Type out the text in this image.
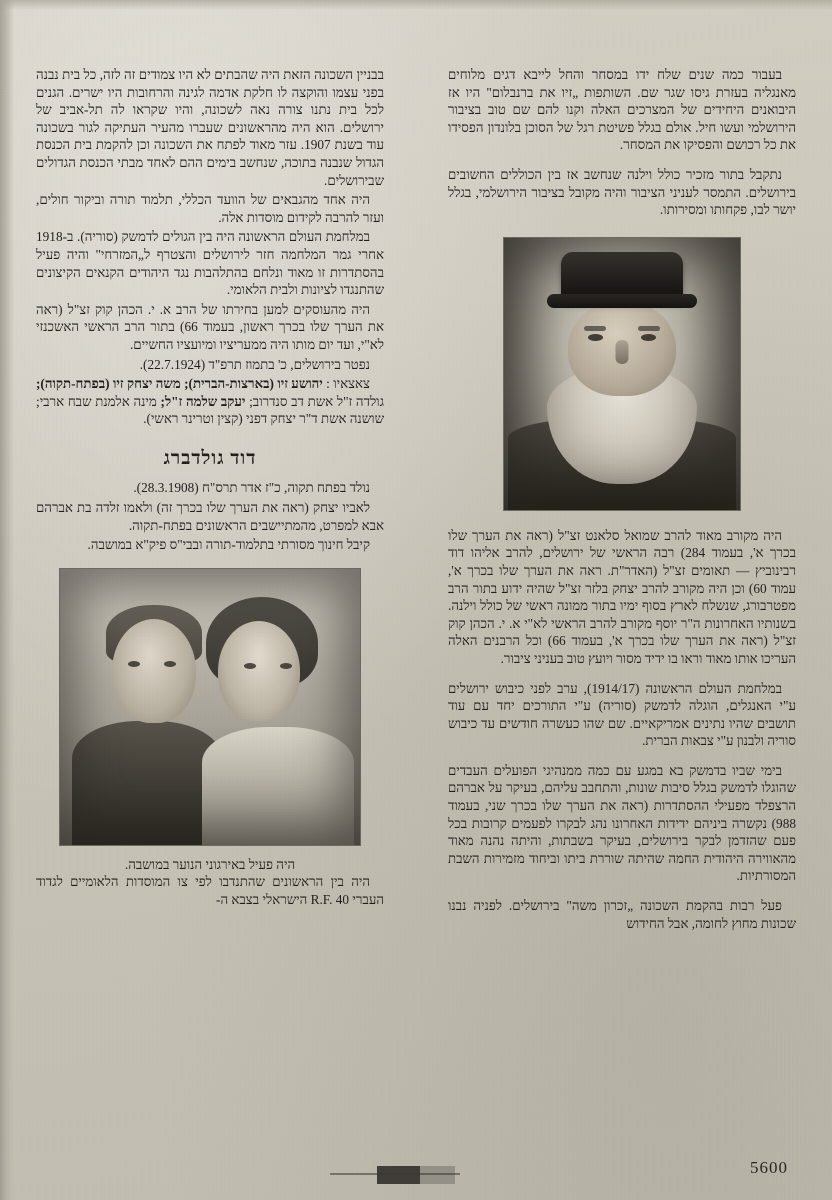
בעבור כמה שנים שלח ידו במסחר והחל לייבא דגים מלוחים מאנגליה בעזרת גיסו שגר שם. השותפות „זיו את ברנבלום" היו אז היבואנים היחידים של המצרכים האלה וקנו להם שם טוב בציבור הירושלמי ועשו חיל. אולם בגלל פשיטת רגל של הסוכן בלונדון הפסידו את כל רכושם והפסיקו את המסחר.

נתקבל בתור מזכיר כולל וילנה שנחשב אז בין הכוללים החשובים בירושלים. התמסר לעניני הציבור והיה מקובל בציבור הירושלמי, בגלל יושר לבו, פקחותו ומסירותו.

היה מקורב מאוד להרב שמואל סלאנט זצ"ל (ראה את הערך שלו בכרך א', בעמוד 284) רבה הראשי של ירושלים, להרב אליהו דוד רבינוביץ — תאומים זצ"ל (האדר"ת. ראה את הערך שלו בכרך א', עמוד 60) וכן היה מקורב להרב יצחק בלזר זצ"ל שהיה ידוע בתור הרב מפטרבורג, שנשלח לארץ בסוף ימיו בתור ממונה ראשי של כולל וילנה. בשנותיו האחרונות ה"ר יוסף מקורב להרב הראשי לא"י א. י. הכהן קוק זצ"ל (ראה את הערך שלו בכרך א', בעמוד 66) וכל הרבנים האלה העריכו אותו מאוד וראו בו ידיד מסור ויועץ טוב בעניני ציבור.

במלחמת העולם הראשונה (1914/17), ערב לפני כיבוש ירושלים ע"י האנגלים, הוגלה לדמשק (סוריה) ע"י התורכים יחד עם עוד תושבים שהיו נתינים אמריקאיים. שם שהו כעשרה חודשים עד כיבוש סוריה ולבנון ע"י צבאות הברית.

בימי שביו בדמשק בא במגע עם כמה ממנהיגי הפועלים העבדים שהוגלו לדמשק בגלל סיבות שונות, והתחבב עליהם, בעיקר על אברהם הרצפלד מפעילי ההסתדרות (ראה את הערך שלו בכרך שני, בעמוד 988) נקשרה ביניהם ידידות האחרונו נהג לבקרו לפעמים קרובות בכל פעם שהזדמן לבקר בירושלים, בעיקר בשבתות, והיתה נהנה מאוד מהאווירה היהודית החמה שהיתה שוררת ביתו וביחוד מזמירות השבת המסורתיות.

פעל רבות בהקמת השכונה „זכרון משה" בירושלים. לפניה נבנו שכונות מחוץ לחומה, אבל החידוש

בבניין השכונה הזאת היה שהבתים לא היו צמודים זה לזה, כל בית נבנה בפני עצמו והוקצה לו חלקת אדמה לגינה והרחובות היו ישרים. הגנים לכל בית נתנו צורה נאה לשכונה, והיו שקראו לה תל-אביב של ירושלים. הוא היה מהראשונים שעברו מהעיר העתיקה לגור בשכונה עוד בשנת 1907. עזר מאוד לפתח את השכונה וכן להקמת בית הכנסת הגדול שנבנה בתוכה, שנחשב בימים ההם לאחד מבתי הכנסת הגדולים שבירושלים.

היה אחד מהגבאים של הוועד הכללי, תלמוד תורה וביקור חולים, ועזר להרבה לקידום מוסדות אלה.

במלחמת העולם הראשונה היה בין הגולים לדמשק (סוריה). ב-1918 אחרי גמר המלחמה חזר לירושלים והצטרף ל„המזרחי" והיה פעיל בהסתדרות זו מאוד ונלחם בהתלהבות נגד היהודים הקנאים הקיצונים שהתנגדו לציונות ולבית הלאומי.

היה מהעוסקים למען בחירתו של הרב א. י. הכהן קוק זצ"ל (ראה את הערך שלו בכרך ראשון, בעמוד 66) בתור הרב הראשי האשכנזי לא"י, ועד יום מותו היה ממעריציו ומיועציו החשיים.

נפטר בירושלים, כ' בתמוז תרפ"ד (22.7.1924).

צאצאיו : יהושע זיו (בארצות-הברית); משה יצחק זיו (בפתח-תקוה); גולדה ז"ל אשת דב סנדרוב; יעקב שלמה ז"ל; מינה אלמנת שבח ארבי; שושנה אשת ד"ר יצחק דפני (קצין וטרינר ראשי).

דוד גולדברג

נולד בפתח תקוה, כ"ז אדר תרס"ח (28.3.1908).

לאביו יצחק (ראה את הערך שלו בכרך זה) ולאמו זלדה בת אברהם אבא למפרט, מהמתיישבים הראשונים בפתח-תקוה.

קיבל חינוך מסורתי בתלמוד-תורה ובבי"ס פיק"א במושבה.

היה פעיל באירגוני הנוער במושבה.

היה בין הראשונים שהתנדבו לפי צו המוסדות הלאומיים לגדוד העברי R.F. 40 הישראלי בצבא ה-

5600
